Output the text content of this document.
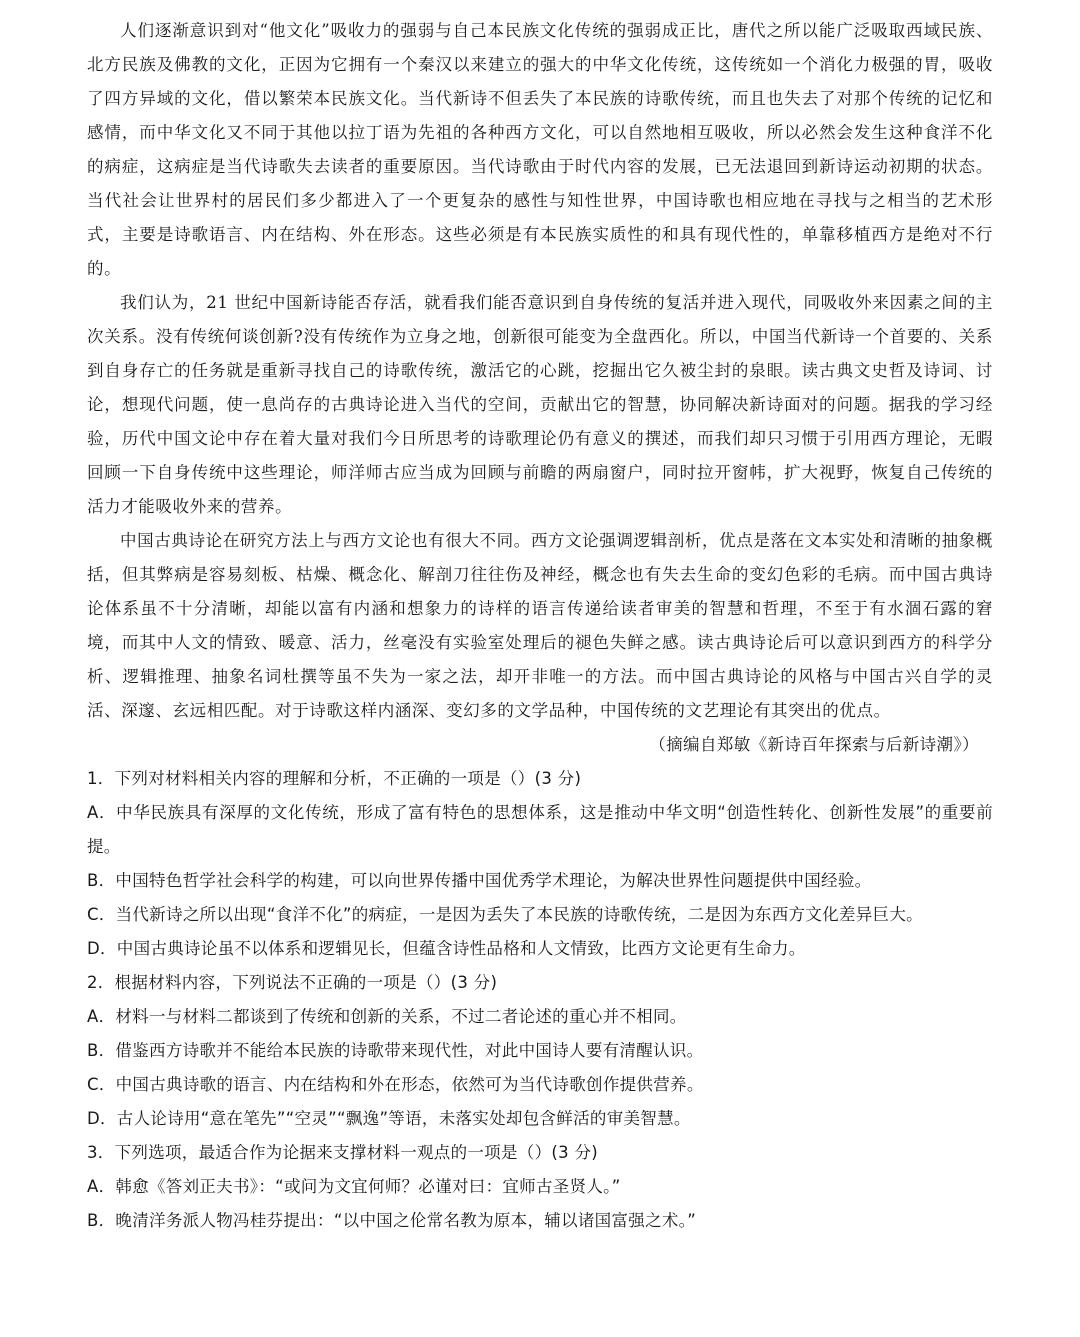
人们逐渐意识到对“他文化”吸收力的强弱与自己本民族文化传统的强弱成正比，唐代之所以能广泛吸取西域民族、北方民族及佛教的文化，正因为它拥有一个秦汉以来建立的强大的中华文化传统，这传统如一个消化力极强的胃，吸收了四方异域的文化，借以繁荣本民族文化。当代新诗不但丢失了本民族的诗歌传统，而且也失去了对那个传统的记忆和感情，而中华文化又不同于其他以拉丁语为先祖的各种西方文化，可以自然地相互吸收，所以必然会发生这种食洋不化的病症，这病症是当代诗歌失去读者的重要原因。当代诗歌由于时代内容的发展，已无法退回到新诗运动初期的状态。当代社会让世界村的居民们多少都进入了一个更复杂的感性与知性世界，中国诗歌也相应地在寻找与之相当的艺术形式，主要是诗歌语言、内在结构、外在形态。这些必须是有本民族实质性的和具有现代性的，单靠移植西方是绝对不行的。

我们认为，21 世纪中国新诗能否存活，就看我们能否意识到自身传统的复活并进入现代，同吸收外来因素之间的主次关系。没有传统何谈创新?没有传统作为立身之地，创新很可能变为全盘西化。所以，中国当代新诗一个首要的、关系到自身存亡的任务就是重新寻找自己的诗歌传统，激活它的心跳，挖掘出它久被尘封的泉眼。读古典文史哲及诗词、讨论，想现代问题，使一息尚存的古典诗论进入当代的空间，贡献出它的智慧，协同解决新诗面对的问题。据我的学习经验，历代中国文论中存在着大量对我们今日所思考的诗歌理论仍有意义的撰述，而我们却只习惯于引用西方理论，无暇回顾一下自身传统中这些理论，师洋师古应当成为回顾与前瞻的两扇窗户，同时拉开窗帏，扩大视野，恢复自己传统的活力才能吸收外来的营养。

中国古典诗论在研究方法上与西方文论也有很大不同。西方文论强调逻辑剖析，优点是落在文本实处和清晰的抽象概括，但其弊病是容易刻板、枯燥、概念化、解剖刀往往伤及神经，概念也有失去生命的变幻色彩的毛病。而中国古典诗论体系虽不十分清晰，却能以富有内涵和想象力的诗样的语言传递给读者审美的智慧和哲理，不至于有水涸石露的窘境，而其中人文的情致、暖意、活力，丝毫没有实验室处理后的褪色失鲜之感。读古典诗论后可以意识到西方的科学分析、逻辑推理、抽象名词杜撰等虽不失为一家之法，却开非唯一的方法。而中国古典诗论的风格与中国古兴自学的灵活、深邃、玄远相匹配。对于诗歌这样内涵深、变幻多的文学品种，中国传统的文艺理论有其突出的优点。

（摘编自郑敏《新诗百年探索与后新诗潮》）

1．下列对材料相关内容的理解和分析，不正确的一项是（）(3 分)

A．中华民族具有深厚的文化传统，形成了富有特色的思想体系，这是推动中华文明“创造性转化、创新性发展”的重要前提。

B．中国特色哲学社会科学的构建，可以向世界传播中国优秀学术理论，为解决世界性问题提供中国经验。

C．当代新诗之所以出现“食洋不化”的病症，一是因为丢失了本民族的诗歌传统，二是因为东西方文化差异巨大。

D．中国古典诗论虽不以体系和逻辑见长，但蕴含诗性品格和人文情致，比西方文论更有生命力。

2．根据材料内容，下列说法不正确的一项是（）(3 分)

A．材料一与材料二都谈到了传统和创新的关系，不过二者论述的重心并不相同。

B．借鉴西方诗歌并不能给本民族的诗歌带来现代性，对此中国诗人要有清醒认识。

C．中国古典诗歌的语言、内在结构和外在形态，依然可为当代诗歌创作提供营养。

D．古人论诗用“意在笔先”“空灵”“飘逸”等语，未落实处却包含鲜活的审美智慧。

3．下列选项，最适合作为论据来支撑材料一观点的一项是（）(3 分)

A．韩愈《答刘正夫书》：“或问为文宜何师？必谨对曰：宜师古圣贤人。”

B．晚清洋务派人物冯桂芬提出：“以中国之伦常名教为原本，辅以诸国富强之术。”
